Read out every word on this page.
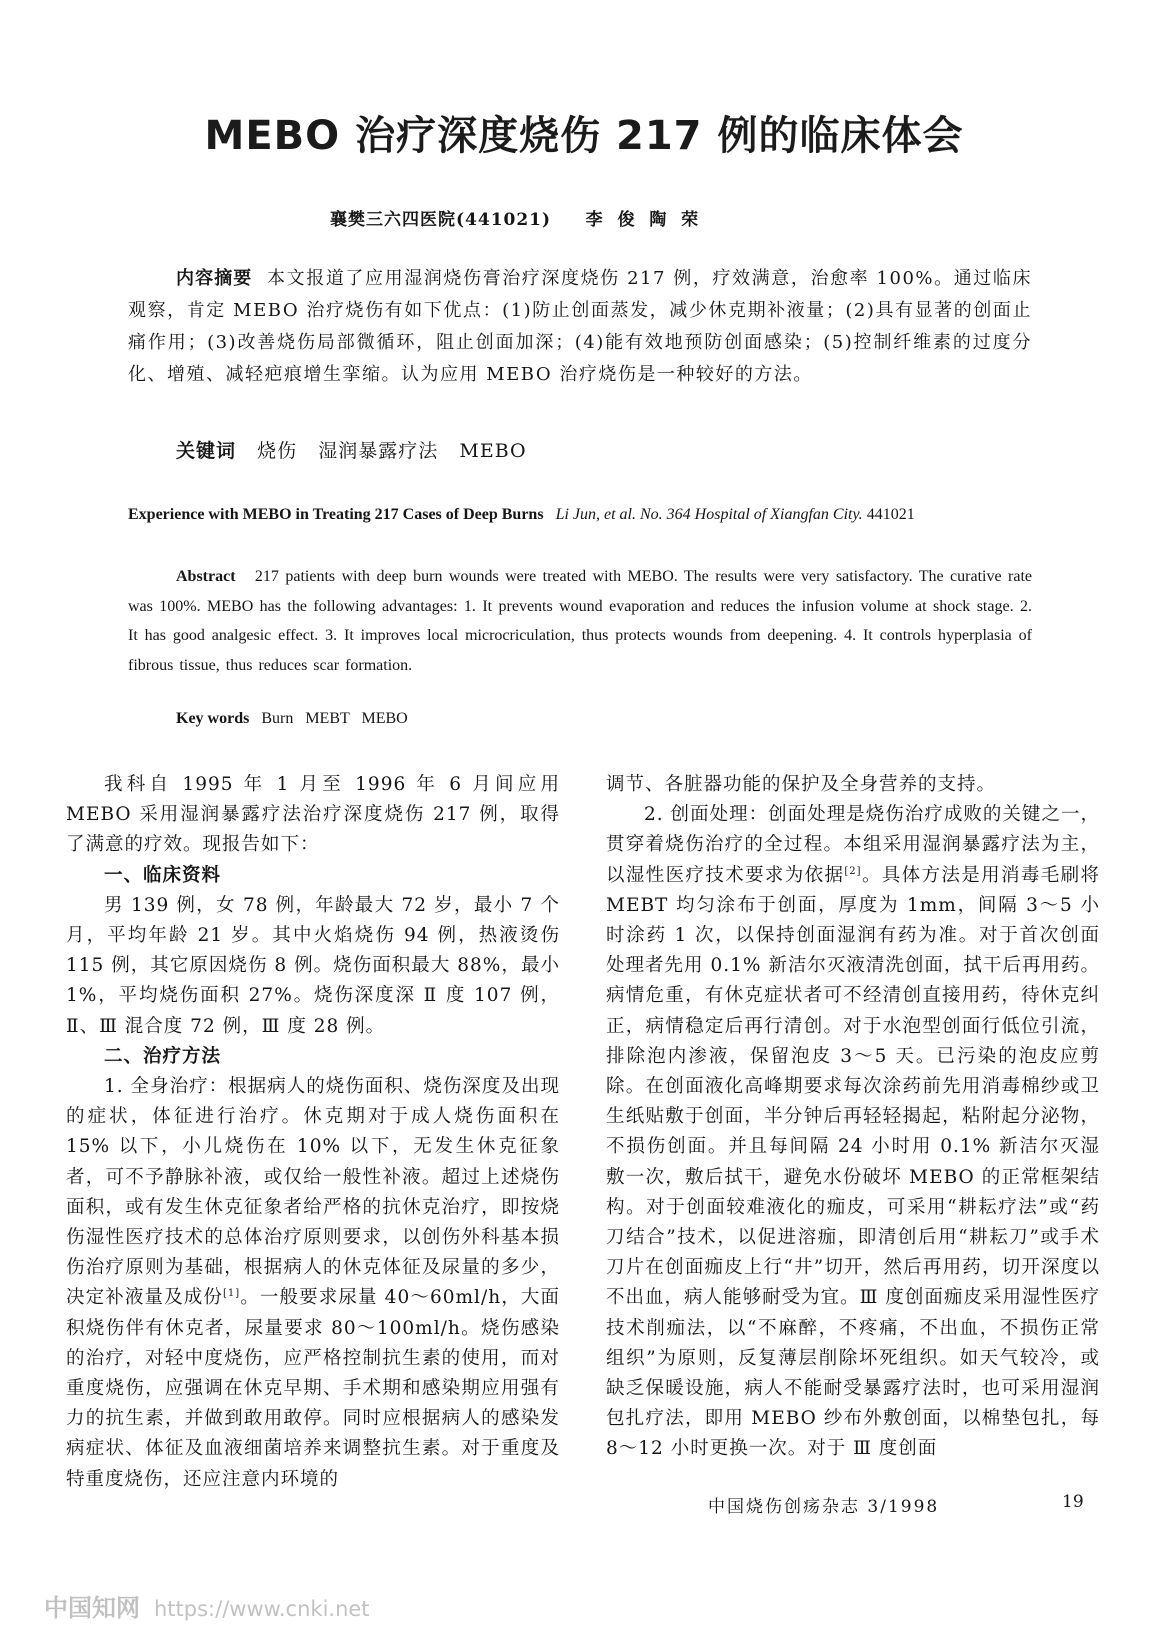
MEBO 治疗深度烧伤 217 例的临床体会
襄樊三六四医院(441021)     李  俊  陶  荣

内容摘要 本文报道了应用湿润烧伤膏治疗深度烧伤 217 例，疗效满意，治愈率 100%。通过临床观察，肯定 MEBO 治疗烧伤有如下优点：(1)防止创面蒸发，减少休克期补液量；(2)具有显著的创面止痛作用；(3)改善烧伤局部微循环，阻止创面加深；(4)能有效地预防创面感染；(5)控制纤维素的过度分化、增殖、减轻疤痕增生挛缩。认为应用 MEBO 治疗烧伤是一种较好的方法。

关键词 烧伤   湿润暴露疗法   MEBO

Experience with MEBO in Treating 217 Cases of Deep Burns Li Jun, et al. No. 364 Hospital of Xiangfan City. 441021

Abstract 217 patients with deep burn wounds were treated with MEBO. The results were very satisfactory. The curative rate was 100%. MEBO has the following advantages: 1. It prevents wound evaporation and reduces the infusion volume at shock stage. 2. It has good analgesic effect. 3. It improves local microcriculation, thus protects wounds from deepening. 4. It controls hyperplasia of fibrous tissue, thus reduces scar formation.

Key words Burn   MEBT   MEBO

我科自 1995 年 1 月至 1996 年 6 月间应用 MEBO 采用湿润暴露疗法治疗深度烧伤 217 例，取得了满意的疗效。现报告如下：

一、临床资料

男 139 例，女 78 例，年龄最大 72 岁，最小 7 个月，平均年龄 21 岁。其中火焰烧伤 94 例，热液烫伤 115 例，其它原因烧伤 8 例。烧伤面积最大 88%，最小 1%，平均烧伤面积 27%。烧伤深度深 Ⅱ 度 107 例，Ⅱ、Ⅲ 混合度 72 例，Ⅲ 度 28 例。

二、治疗方法

1. 全身治疗：根据病人的烧伤面积、烧伤深度及出现的症状，体征进行治疗。休克期对于成人烧伤面积在 15% 以下，小儿烧伤在 10% 以下，无发生休克征象者，可不予静脉补液，或仅给一般性补液。超过上述烧伤面积，或有发生休克征象者给严格的抗休克治疗，即按烧伤湿性医疗技术的总体治疗原则要求，以创伤外科基本损伤治疗原则为基础，根据病人的休克体征及尿量的多少，决定补液量及成份[1]。一般要求尿量 40～60ml/h，大面积烧伤伴有休克者，尿量要求 80～100ml/h。烧伤感染的治疗，对轻中度烧伤，应严格控制抗生素的使用，而对重度烧伤，应强调在休克早期、手术期和感染期应用强有力的抗生素，并做到敢用敢停。同时应根据病人的感染发病症状、体征及血液细菌培养来调整抗生素。对于重度及特重度烧伤，还应注意内环境的

调节、各脏器功能的保护及全身营养的支持。

2. 创面处理：创面处理是烧伤治疗成败的关键之一，贯穿着烧伤治疗的全过程。本组采用湿润暴露疗法为主，以湿性医疗技术要求为依据[2]。具体方法是用消毒毛刷将 MEBT 均匀涂布于创面，厚度为 1mm，间隔 3～5 小时涂药 1 次，以保持创面湿润有药为准。对于首次创面处理者先用 0.1% 新洁尔灭液清洗创面，拭干后再用药。病情危重，有休克症状者可不经清创直接用药，待休克纠正，病情稳定后再行清创。对于水泡型创面行低位引流，排除泡内渗液，保留泡皮 3～5 天。已污染的泡皮应剪除。在创面液化高峰期要求每次涂药前先用消毒棉纱或卫生纸贴敷于创面，半分钟后再轻轻揭起，粘附起分泌物，不损伤创面。并且每间隔 24 小时用 0.1% 新洁尔灭湿敷一次，敷后拭干，避免水份破坏 MEBO 的正常框架结构。对于创面较难液化的痂皮，可采用“耕耘疗法”或“药刀结合”技术，以促进溶痂，即清创后用“耕耘刀”或手术刀片在创面痂皮上行“井”切开，然后再用药，切开深度以不出血，病人能够耐受为宜。Ⅲ 度创面痂皮采用湿性医疗技术削痂法，以“不麻醉，不疼痛，不出血，不损伤正常组织”为原则，反复薄层削除坏死组织。如天气较冷，或缺乏保暖设施，病人不能耐受暴露疗法时，也可采用湿润包扎疗法，即用 MEBO 纱布外敷创面，以棉垫包扎，每 8～12 小时更换一次。对于 Ⅲ 度创面

中国烧伤创疡杂志 3/1998	19
中国知网 https://www.cnki.net
